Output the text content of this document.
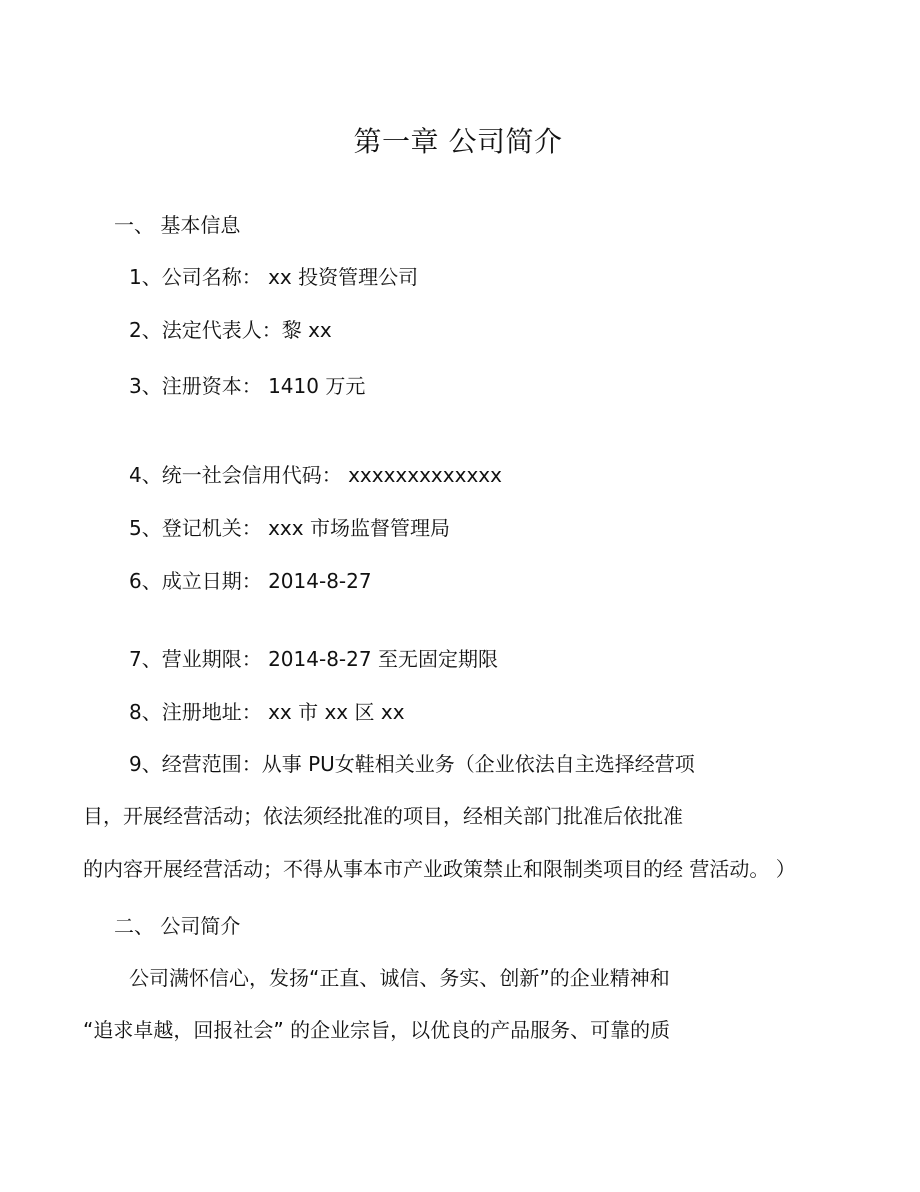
第一章 公司简介
一、 基本信息
1、公司名称： xx 投资管理公司
2、法定代表人：黎 xx
3、注册资本： 1410 万元
4、统一社会信用代码： xxxxxxxxxxxxx
5、登记机关： xxx 市场监督管理局
6、成立日期： 2014-8-27
7、营业期限： 2014-8-27 至无固定期限
8、注册地址： xx 市 xx 区 xx
9、经营范围：从事 PU女鞋相关业务（企业依法自主选择经营项
目，开展经营活动；依法须经批准的项目，经相关部门批准后依批准
的内容开展经营活动；不得从事本市产业政策禁止和限制类项目的经 营活动。 ）
二、 公司简介
公司满怀信心，发扬“正直、诚信、务实、创新”的企业精神和
“追求卓越，回报社会” 的企业宗旨，以优良的产品服务、可靠的质
